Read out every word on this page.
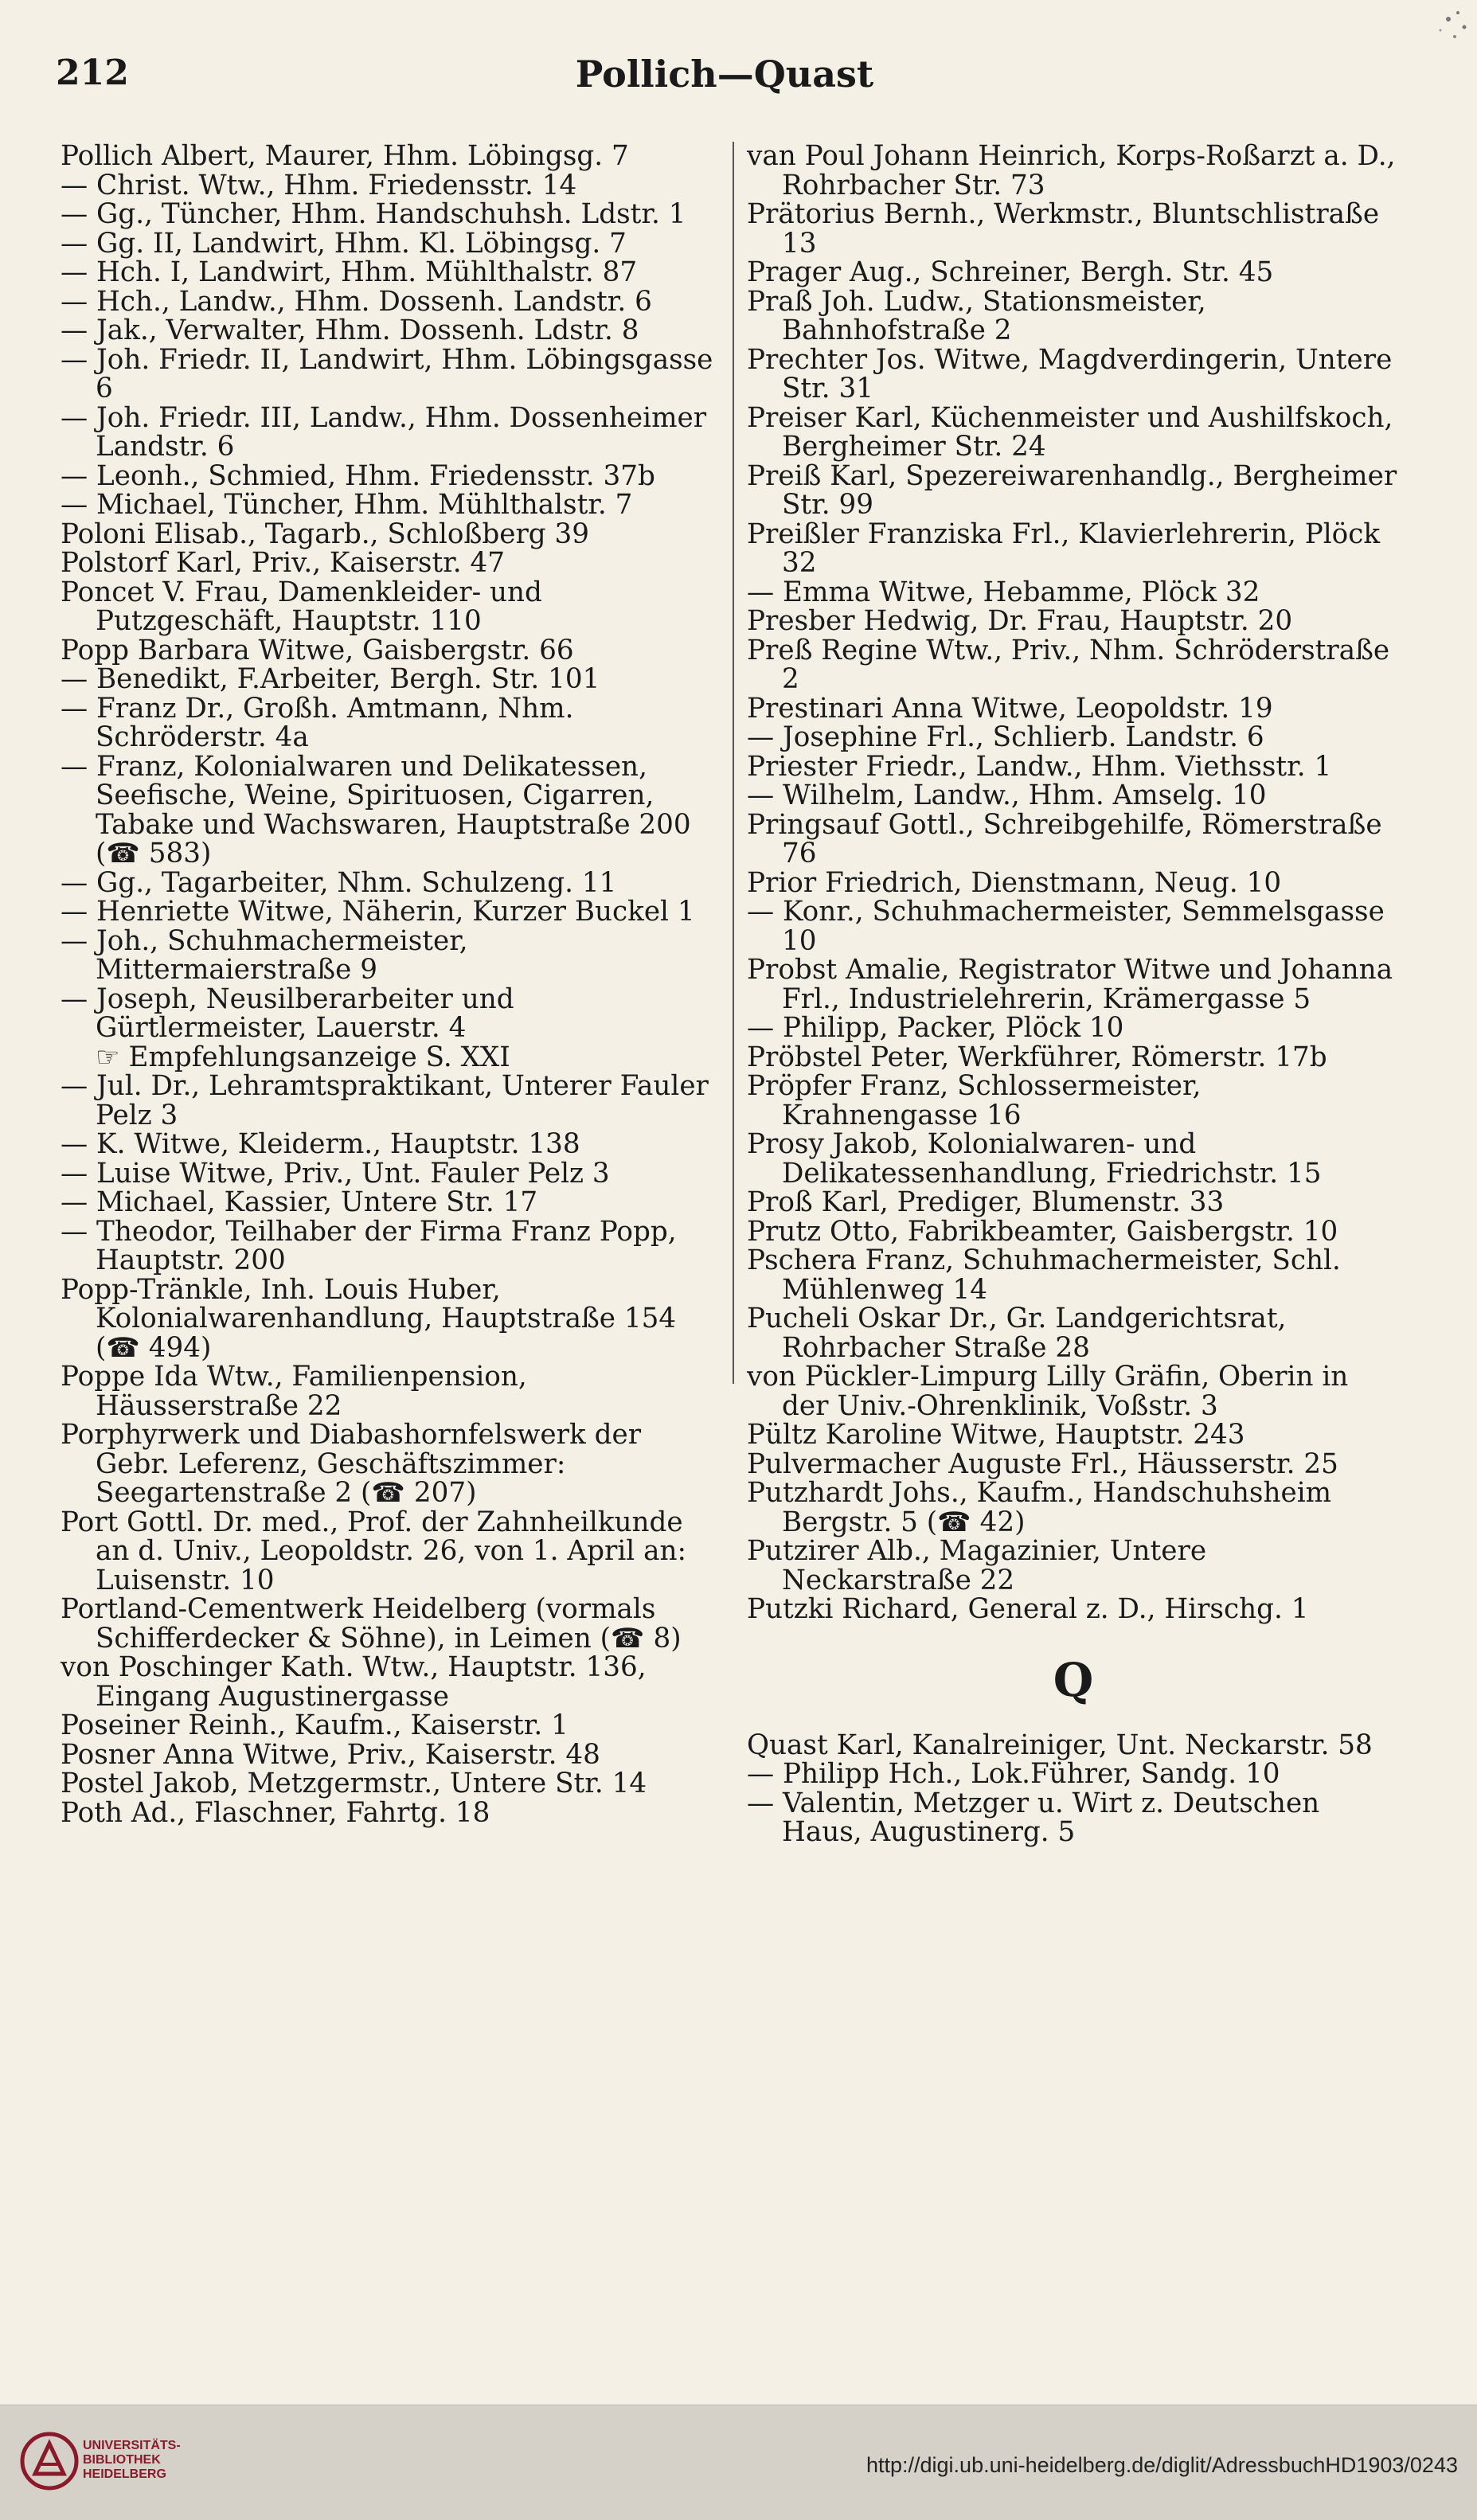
212	Pollich—Quast

Pollich Albert, Maurer, Hhm. Löbingsg. 7

— Christ. Wtw., Hhm. Friedensstr. 14

— Gg., Tüncher, Hhm. Handschuhsh. Ldstr. 1

— Gg. II, Landwirt, Hhm. Kl. Löbingsg. 7

— Hch. I, Landwirt, Hhm. Mühlthalstr. 87

— Hch., Landw., Hhm. Dossenh. Landstr. 6

— Jak., Verwalter, Hhm. Dossenh. Ldstr. 8

— Joh. Friedr. II, Landwirt, Hhm. Löbingsgasse 6

— Joh. Friedr. III, Landw., Hhm. Dossenheimer Landstr. 6

— Leonh., Schmied, Hhm. Friedensstr. 37b

— Michael, Tüncher, Hhm. Mühlthalstr. 7

Poloni Elisab., Tagarb., Schloßberg 39

Polstorf Karl, Priv., Kaiserstr. 47

Poncet V. Frau, Damenkleider- und Putzgeschäft, Hauptstr. 110

Popp Barbara Witwe, Gaisbergstr. 66

— Benedikt, F.Arbeiter, Bergh. Str. 101

— Franz Dr., Großh. Amtmann, Nhm. Schröderstr. 4a

— Franz, Kolonialwaren und Delikatessen, Seefische, Weine, Spirituosen, Cigarren, Tabake und Wachswaren, Hauptstraße 200 (☎ 583)

— Gg., Tagarbeiter, Nhm. Schulzeng. 11

— Henriette Witwe, Näherin, Kurzer Buckel 1

— Joh., Schuhmachermeister, Mittermaierstraße 9

— Joseph, Neusilberarbeiter und Gürtlermeister, Lauerstr. 4

☞ Empfehlungsanzeige S. XXI

— Jul. Dr., Lehramtspraktikant, Unterer Fauler Pelz 3

— K. Witwe, Kleiderm., Hauptstr. 138

— Luise Witwe, Priv., Unt. Fauler Pelz 3

— Michael, Kassier, Untere Str. 17

— Theodor, Teilhaber der Firma Franz Popp, Hauptstr. 200

Popp-Tränkle, Inh. Louis Huber, Kolonialwarenhandlung, Hauptstraße 154 (☎ 494)

Poppe Ida Wtw., Familienpension, Häusserstraße 22

Porphyrwerk und Diabashornfelswerk der Gebr. Leferenz, Geschäftszimmer: Seegartenstraße 2 (☎ 207)

Port Gottl. Dr. med., Prof. der Zahnheilkunde an d. Univ., Leopoldstr. 26, von 1. April an: Luisenstr. 10

Portland-Cementwerk Heidelberg (vormals Schifferdecker & Söhne), in Leimen (☎ 8)

von Poschinger Kath. Wtw., Hauptstr. 136, Eingang Augustinergasse

Poseiner Reinh., Kaufm., Kaiserstr. 1

Posner Anna Witwe, Priv., Kaiserstr. 48

Postel Jakob, Metzgermstr., Untere Str. 14

Poth Ad., Flaschner, Fahrtg. 18

van Poul Johann Heinrich, Korps-Roßarzt a. D., Rohrbacher Str. 73

Prätorius Bernh., Werkmstr., Bluntschlistraße 13

Prager Aug., Schreiner, Bergh. Str. 45

Praß Joh. Ludw., Stationsmeister, Bahnhofstraße 2

Prechter Jos. Witwe, Magdverdingerin, Untere Str. 31

Preiser Karl, Küchenmeister und Aushilfskoch, Bergheimer Str. 24

Preiß Karl, Spezereiwarenhandlg., Bergheimer Str. 99

Preißler Franziska Frl., Klavierlehrerin, Plöck 32

— Emma Witwe, Hebamme, Plöck 32

Presber Hedwig, Dr. Frau, Hauptstr. 20

Preß Regine Wtw., Priv., Nhm. Schröderstraße 2

Prestinari Anna Witwe, Leopoldstr. 19

— Josephine Frl., Schlierb. Landstr. 6

Priester Friedr., Landw., Hhm. Viethsstr. 1

— Wilhelm, Landw., Hhm. Amselg. 10

Pringsauf Gottl., Schreibgehilfe, Römerstraße 76

Prior Friedrich, Dienstmann, Neug. 10

— Konr., Schuhmachermeister, Semmelsgasse 10

Probst Amalie, Registrator Witwe und Johanna Frl., Industrielehrerin, Krämergasse 5

— Philipp, Packer, Plöck 10

Pröbstel Peter, Werkführer, Römerstr. 17b

Pröpfer Franz, Schlossermeister, Krahnengasse 16

Prosy Jakob, Kolonialwaren- und Delikatessenhandlung, Friedrichstr. 15

Proß Karl, Prediger, Blumenstr. 33

Prutz Otto, Fabrikbeamter, Gaisbergstr. 10

Pschera Franz, Schuhmachermeister, Schl. Mühlenweg 14

Pucheli Oskar Dr., Gr. Landgerichtsrat, Rohrbacher Straße 28

von Pückler-Limpurg Lilly Gräfin, Oberin in der Univ.-Ohrenklinik, Voßstr. 3

Pültz Karoline Witwe, Hauptstr. 243

Pulvermacher Auguste Frl., Häusserstr. 25

Putzhardt Johs., Kaufm., Handschuhsheim Bergstr. 5 (☎ 42)

Putzirer Alb., Magazinier, Untere Neckarstraße 22

Putzki Richard, General z. D., Hirschg. 1

Q

Quast Karl, Kanalreiniger, Unt. Neckarstr. 58

— Philipp Hch., Lok.Führer, Sandg. 10

— Valentin, Metzger u. Wirt z. Deutschen Haus, Augustinerg. 5

UNIVERSITÄTS-
BIBLIOTHEK
HEIDELBERG	http://digi.ub.uni-heidelberg.de/diglit/AdressbuchHD1903/0243
